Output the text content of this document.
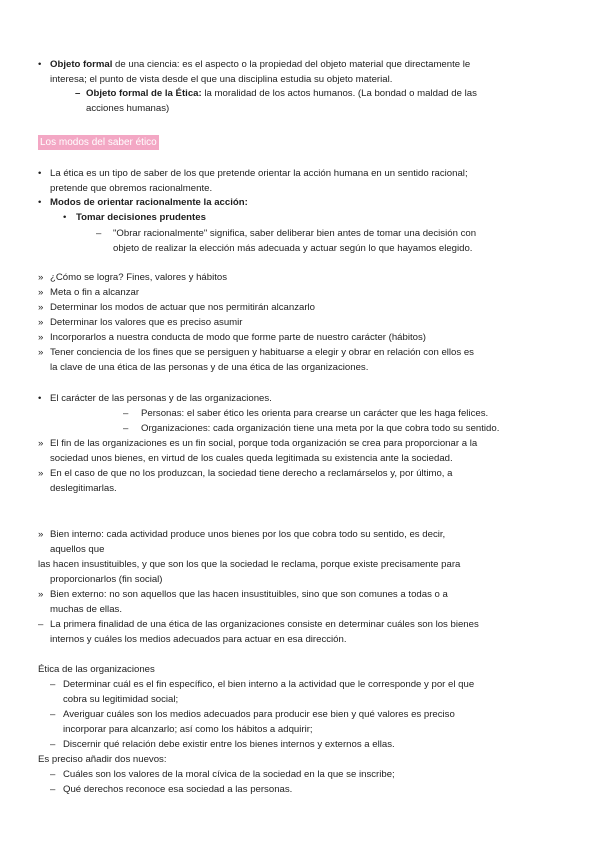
• Objeto formal de una ciencia: es el aspecto o la propiedad del objeto material que directamente le
interesa; el punto de vista desde el que una disciplina estudia su objeto material.
– Objeto formal de la Ética: la moralidad de los actos humanos. (La bondad o maldad de las
acciones humanas)
Los modos del saber ético
• La ética es un tipo de saber de los que pretende orientar la acción humana en un sentido racional;
pretende que obremos racionalmente.
• Modos de orientar racionalmente la acción:
• Tomar decisiones prudentes
– "Obrar racionalmente" significa, saber deliberar bien antes de tomar una decisión con
objeto de realizar la elección más adecuada y actuar según lo que hayamos elegido.
» ¿Cómo se logra? Fines, valores y hábitos
» Meta o fin a alcanzar
» Determinar los modos de actuar que nos permitirán alcanzarlo
» Determinar los valores que es preciso asumir
» Incorporarlos a nuestra conducta de modo que forme parte de nuestro carácter (hábitos)
» Tener conciencia de los fines que se persiguen y habituarse a elegir y obrar en relación con ellos es
la clave de una ética de las personas y de una ética de las organizaciones.
• El carácter de las personas y de las organizaciones.
– Personas: el saber ético les orienta para crearse un carácter que les haga felices.
– Organizaciones: cada organización tiene una meta por la que cobra todo su sentido.
» El fin de las organizaciones es un fin social, porque toda organización se crea para proporcionar a la
sociedad unos bienes, en virtud de los cuales queda legitimada su existencia ante la sociedad.
» En el caso de que no los produzcan, la sociedad tiene derecho a reclamárselos y, por último, a
deslegitimarlas.
» Bien interno: cada actividad produce unos bienes por los que cobra todo su sentido, es decir,
aquellos que
las hacen insustituibles, y que son los que la sociedad le reclama, porque existe precisamente para
proporcionarlos (fin social)
» Bien externo: no son aquellos que las hacen insustituibles, sino que son comunes a todas o a
muchas de ellas.
– La primera finalidad de una ética de las organizaciones consiste en determinar cuáles son los bienes
internos y cuáles los medios adecuados para actuar en esa dirección.
Ética de las organizaciones
– Determinar cuál es el fin específico, el bien interno a la actividad que le corresponde y por el que
cobra su legitimidad social;
– Averiguar cuáles son los medios adecuados para producir ese bien y qué valores es preciso
incorporar para alcanzarlo; así como los hábitos a adquirir;
– Discernir qué relación debe existir entre los bienes internos y externos a ellas.
Es preciso añadir dos nuevos:
– Cuáles son los valores de la moral cívica de la sociedad en la que se inscribe;
– Qué derechos reconoce esa sociedad a las personas.
